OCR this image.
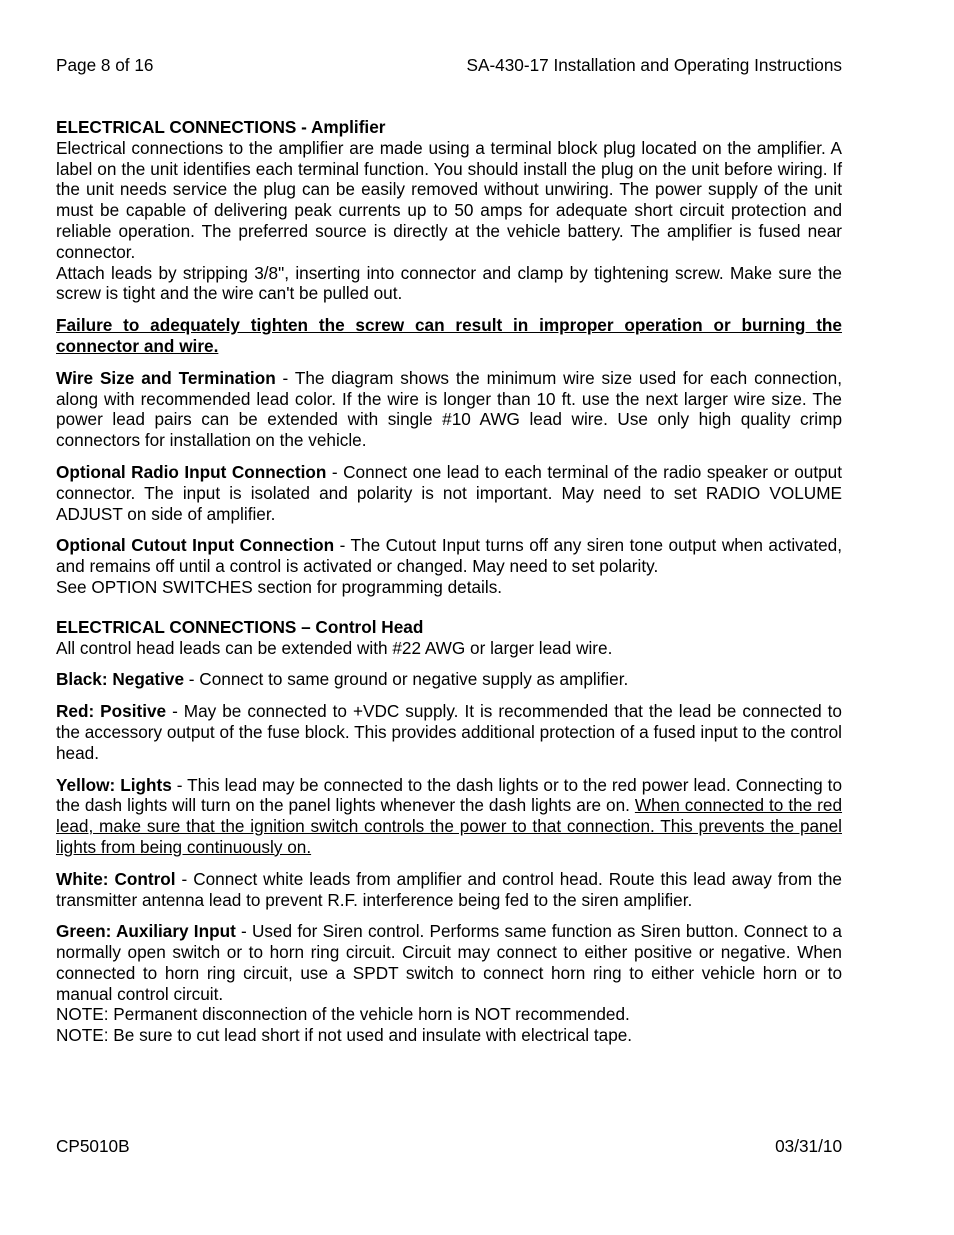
Page 8 of 16	SA-430-17 Installation and Operating Instructions

ELECTRICAL CONNECTIONS - Amplifier

Electrical connections to the amplifier are made using a terminal block plug located on the amplifier. A label on the unit identifies each terminal function. You should install the plug on the unit before wiring. If the unit needs service the plug can be easily removed without unwiring. The power supply of the unit must be capable of delivering peak currents up to 50 amps for adequate short circuit protection and reliable operation. The preferred source is directly at the vehicle battery. The amplifier is fused near connector.

Attach leads by stripping 3/8", inserting into connector and clamp by tightening screw. Make sure the screw is tight and the wire can't be pulled out.

Failure to adequately tighten the screw can result in improper operation or burning the connector and wire.

Wire Size and Termination - The diagram shows the minimum wire size used for each connection, along with recommended lead color. If the wire is longer than 10 ft. use the next larger wire size. The power lead pairs can be extended with single #10 AWG lead wire. Use only high quality crimp connectors for installation on the vehicle.

Optional Radio Input Connection - Connect one lead to each terminal of the radio speaker or output connector. The input is isolated and polarity is not important. May need to set RADIO VOLUME ADJUST on side of amplifier.

Optional Cutout Input Connection - The Cutout Input turns off any siren tone output when activated, and remains off until a control is activated or changed. May need to set polarity.

See OPTION SWITCHES section for programming details.

ELECTRICAL CONNECTIONS – Control Head

All control head leads can be extended with #22 AWG or larger lead wire.

Black: Negative - Connect to same ground or negative supply as amplifier.

Red: Positive - May be connected to +VDC supply. It is recommended that the lead be connected to the accessory output of the fuse block. This provides additional protection of a fused input to the control head.

Yellow: Lights - This lead may be connected to the dash lights or to the red power lead. Connecting to the dash lights will turn on the panel lights whenever the dash lights are on. When connected to the red lead, make sure that the ignition switch controls the power to that connection. This prevents the panel lights from being continuously on.

White: Control - Connect white leads from amplifier and control head. Route this lead away from the transmitter antenna lead to prevent R.F. interference being fed to the siren amplifier.

Green: Auxiliary Input - Used for Siren control. Performs same function as Siren button. Connect to a normally open switch or to horn ring circuit. Circuit may connect to either positive or negative. When connected to horn ring circuit, use a SPDT switch to connect horn ring to either vehicle horn or to manual control circuit.

NOTE: Permanent disconnection of the vehicle horn is NOT recommended.

NOTE: Be sure to cut lead short if not used and insulate with electrical tape.

CP5010B	03/31/10
